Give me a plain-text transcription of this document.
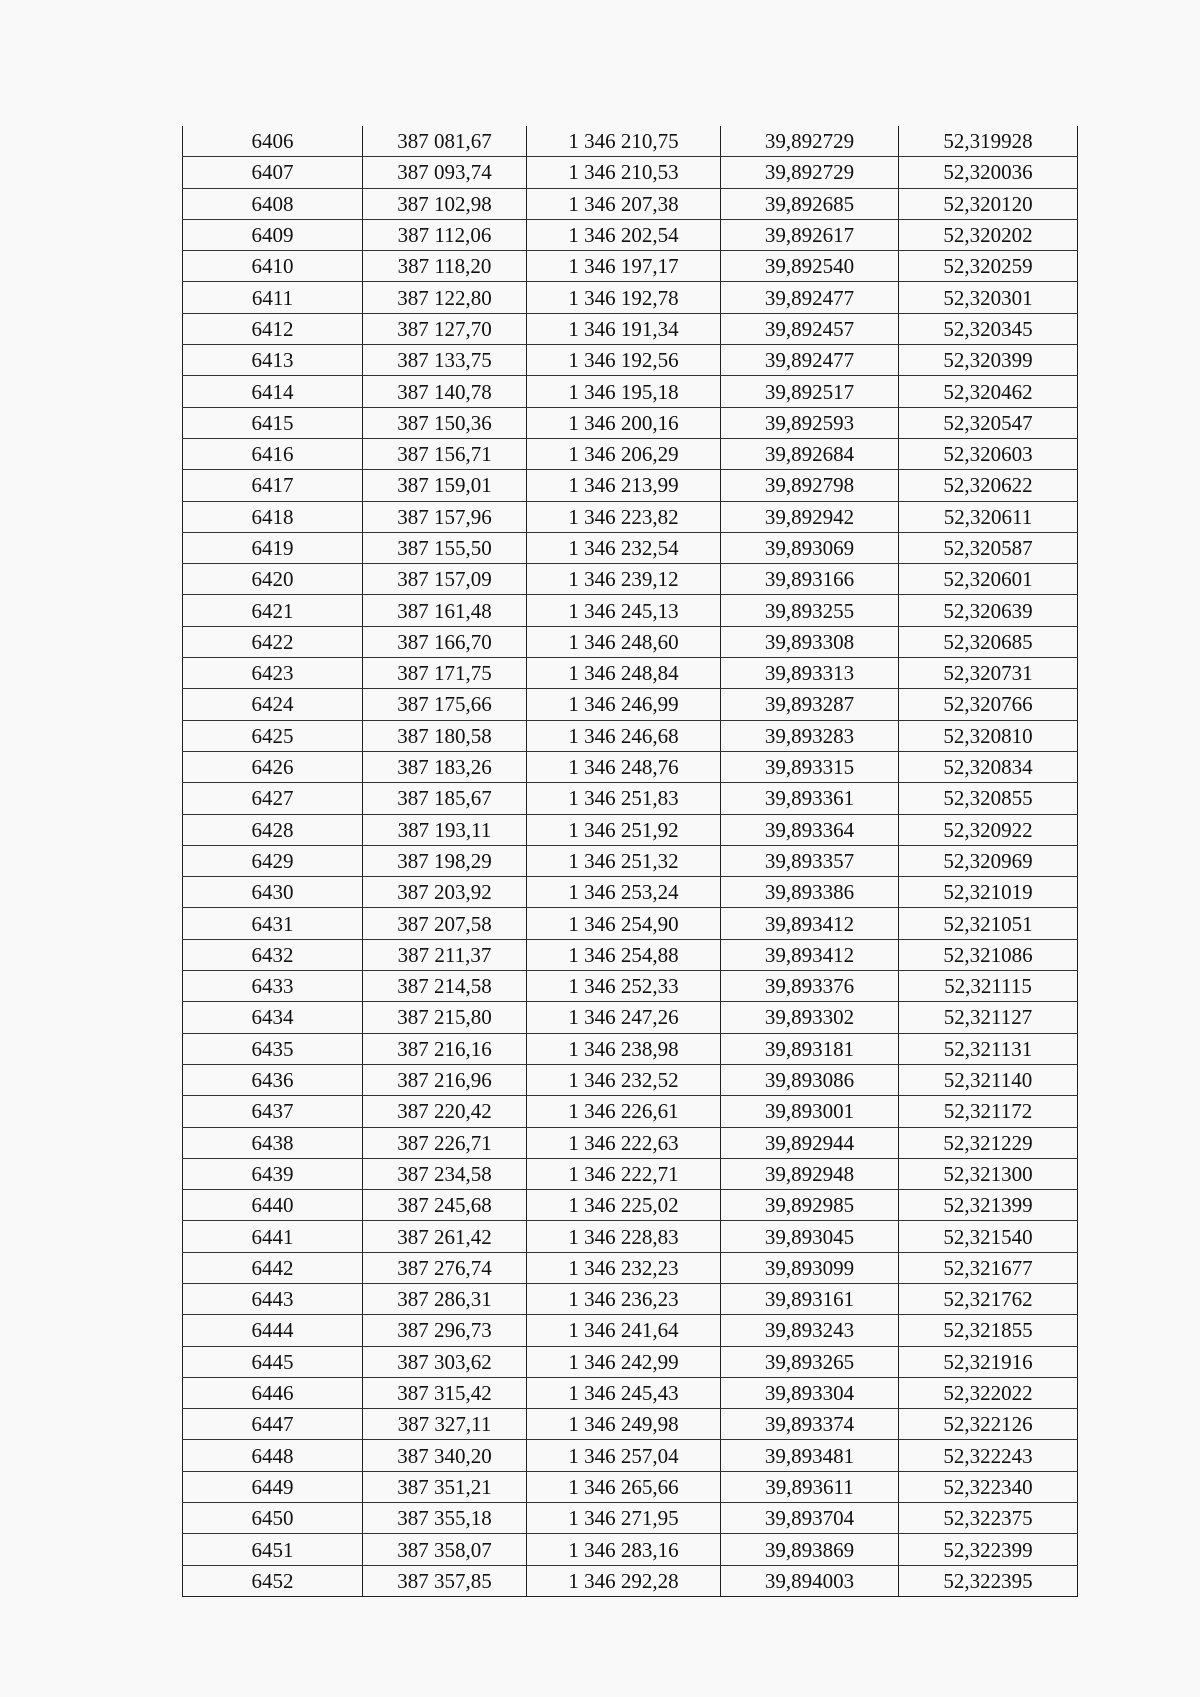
6406	387 081,67	1 346 210,75	39,892729	52,319928
6407	387 093,74	1 346 210,53	39,892729	52,320036
6408	387 102,98	1 346 207,38	39,892685	52,320120
6409	387 112,06	1 346 202,54	39,892617	52,320202
6410	387 118,20	1 346 197,17	39,892540	52,320259
6411	387 122,80	1 346 192,78	39,892477	52,320301
6412	387 127,70	1 346 191,34	39,892457	52,320345
6413	387 133,75	1 346 192,56	39,892477	52,320399
6414	387 140,78	1 346 195,18	39,892517	52,320462
6415	387 150,36	1 346 200,16	39,892593	52,320547
6416	387 156,71	1 346 206,29	39,892684	52,320603
6417	387 159,01	1 346 213,99	39,892798	52,320622
6418	387 157,96	1 346 223,82	39,892942	52,320611
6419	387 155,50	1 346 232,54	39,893069	52,320587
6420	387 157,09	1 346 239,12	39,893166	52,320601
6421	387 161,48	1 346 245,13	39,893255	52,320639
6422	387 166,70	1 346 248,60	39,893308	52,320685
6423	387 171,75	1 346 248,84	39,893313	52,320731
6424	387 175,66	1 346 246,99	39,893287	52,320766
6425	387 180,58	1 346 246,68	39,893283	52,320810
6426	387 183,26	1 346 248,76	39,893315	52,320834
6427	387 185,67	1 346 251,83	39,893361	52,320855
6428	387 193,11	1 346 251,92	39,893364	52,320922
6429	387 198,29	1 346 251,32	39,893357	52,320969
6430	387 203,92	1 346 253,24	39,893386	52,321019
6431	387 207,58	1 346 254,90	39,893412	52,321051
6432	387 211,37	1 346 254,88	39,893412	52,321086
6433	387 214,58	1 346 252,33	39,893376	52,321115
6434	387 215,80	1 346 247,26	39,893302	52,321127
6435	387 216,16	1 346 238,98	39,893181	52,321131
6436	387 216,96	1 346 232,52	39,893086	52,321140
6437	387 220,42	1 346 226,61	39,893001	52,321172
6438	387 226,71	1 346 222,63	39,892944	52,321229
6439	387 234,58	1 346 222,71	39,892948	52,321300
6440	387 245,68	1 346 225,02	39,892985	52,321399
6441	387 261,42	1 346 228,83	39,893045	52,321540
6442	387 276,74	1 346 232,23	39,893099	52,321677
6443	387 286,31	1 346 236,23	39,893161	52,321762
6444	387 296,73	1 346 241,64	39,893243	52,321855
6445	387 303,62	1 346 242,99	39,893265	52,321916
6446	387 315,42	1 346 245,43	39,893304	52,322022
6447	387 327,11	1 346 249,98	39,893374	52,322126
6448	387 340,20	1 346 257,04	39,893481	52,322243
6449	387 351,21	1 346 265,66	39,893611	52,322340
6450	387 355,18	1 346 271,95	39,893704	52,322375
6451	387 358,07	1 346 283,16	39,893869	52,322399
6452	387 357,85	1 346 292,28	39,894003	52,322395
